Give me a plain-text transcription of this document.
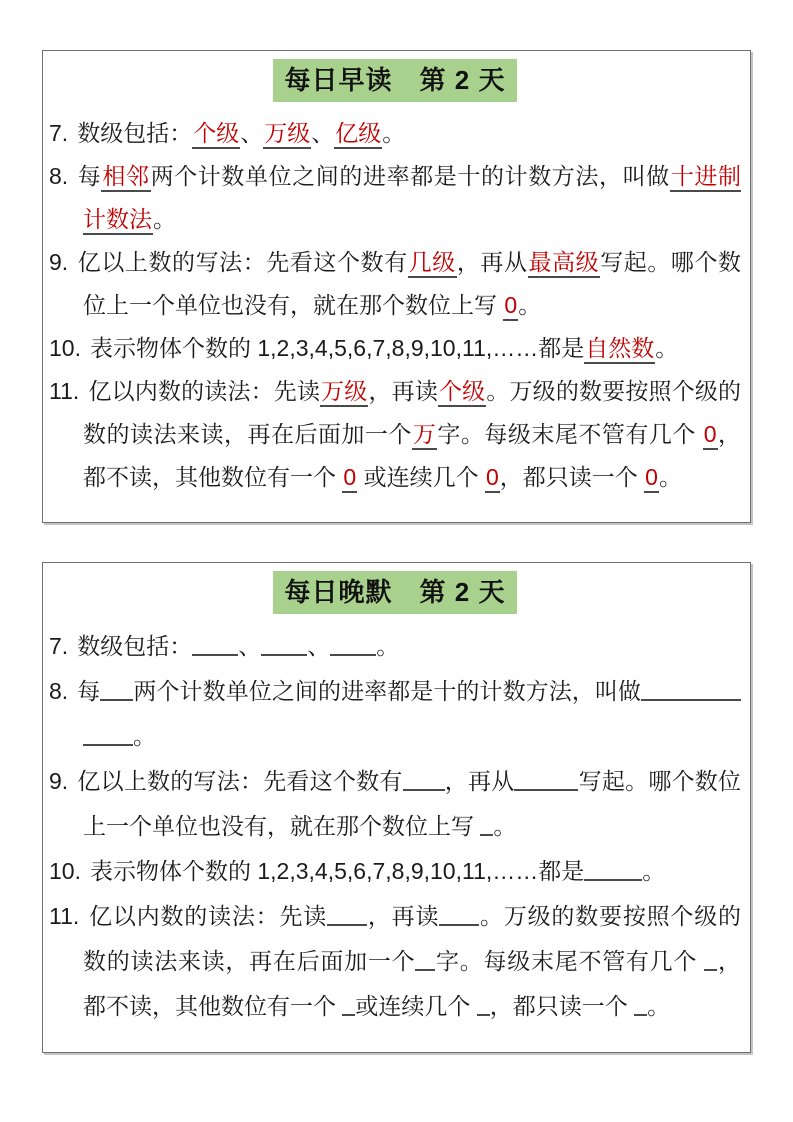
每日早读　第 2 天
7. 数级包括：个级、万级、亿级。
8. 每相邻两个计数单位之间的进率都是十的计数方法，叫做十进制计数法。
9. 亿以上数的写法：先看这个数有几级，再从最高级写起。哪个数位上一个单位也没有，就在那个数位上写 0。
10. 表示物体个数的 1,2,3,4,5,6,7,8,9,10,11,……都是自然数。
11. 亿以内数的读法：先读万级，再读个级。万级的数要按照个级的数的读法来读，再在后面加一个万字。每级末尾不管有几个 0，都不读，其他数位有一个 0 或连续几个 0，都只读一个 0。
每日晚默　第 2 天
7. 数级包括： 、 、 。
8. 每 两个计数单位之间的进率都是十的计数方法，叫做。
9. 亿以上数的写法：先看这个数有 ，再从	写起。哪个数位上一个单位也没有，就在那个数位上写 。
10. 表示物体个数的 1,2,3,4,5,6,7,8,9,10,11,……都是	。
11. 亿以内数的读法：先读 ，再读 。万级的数要按照个级的数的读法来读，再在后面加一个 字。每级末尾不管有几个 ，都不读，其他数位有一个 或连续几个 ，都只读一个 。
